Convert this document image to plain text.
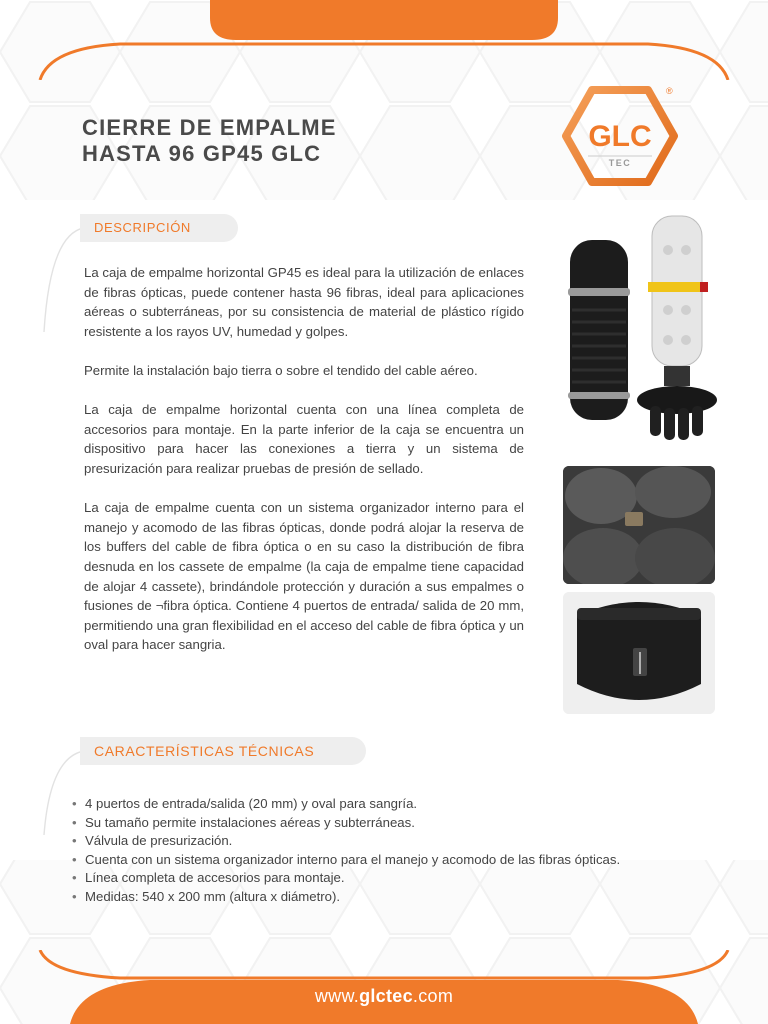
CIERRE DE EMPALME
HASTA 96 GP45 GLC
GLC
TEC
®
DESCRIPCIÓN

La caja de empalme horizontal GP45 es ideal para la utilización de enlaces de fibras ópticas, puede contener hasta 96 fibras, ideal para aplicaciones aéreas o subterráneas, por su consistencia de material de plástico rígido resistente a los rayos UV, humedad y golpes.

Permite la instalación bajo tierra o sobre el tendido del cable aéreo.

La caja de empalme horizontal cuenta con una línea completa de accesorios para montaje. En la parte inferior de la caja se encuentra un dispositivo para hacer las conexiones a tierra y un sistema de presurización para realizar pruebas de presión de sellado.

La caja de empalme cuenta con un sistema organizador interno para el manejo y acomodo de las fibras ópticas, donde podrá alojar la reserva de los buffers del cable de fibra óptica o en su caso la distribución de fibra desnuda en los cassete de empalme (la caja de empalme tiene capacidad de alojar 4 cassete), brindándole protección y duración a sus empalmes o fusiones de ¬fibra óptica. Contiene 4 puertos de entrada/ salida de 20 mm, permitiendo una gran flexibilidad en el acceso del cable de fibra óptica y un oval para hacer sangria.

CARACTERÍSTICAS TÉCNICAS
• 4 puertos de entrada/salida (20 mm) y oval para sangría.
• Su tamaño permite instalaciones aéreas y subterráneas.
• Válvula de presurización.
• Cuenta con un sistema organizador interno para el manejo y acomodo de las fibras ópticas.
• Línea completa de accesorios para montaje.
• Medidas: 540 x 200 mm (altura x diámetro).
www.glctec.com
